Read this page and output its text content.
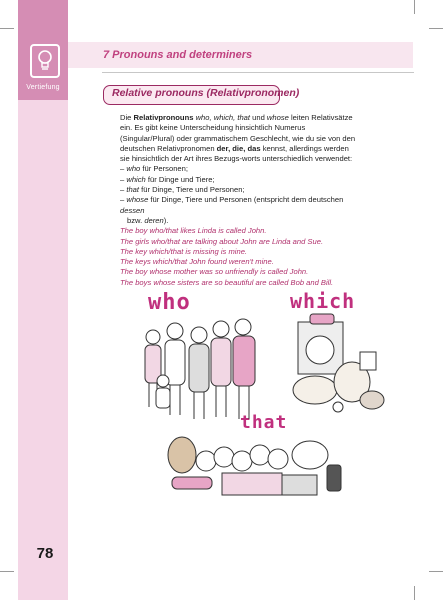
Vertiefung
7 Pronouns and determiners
Relative pronouns (Relativpronomen)

Die Relativpronouns who, which, that und whose leiten Relativsätze ein. Es gibt keine Unterscheidung hinsichtlich Numerus (Singular/Plural) oder grammatischem Geschlecht, wie du sie von den deutschen Relativpronomen der, die, das kennst, allerdings werden sie hinsichtlich der Art ihres Bezugs-worts unterschiedlich verwendet:

– who für Personen;

– which für Dinge und Tiere;

– that für Dinge, Tiere und Personen;

– whose für Dinge, Tiere und Personen (entspricht dem deutschen dessen

bzw. deren).

The boy who/that likes Linda is called John.

The girls who/that are talking about John are Linda and Sue.

The key which/that is missing is mine.

The keys which/that John found weren't mine.

The boy whose mother was so unfriendly is called John.

The boys whose sisters are so beautiful are called Bob and Bill.

who	which
that
78
